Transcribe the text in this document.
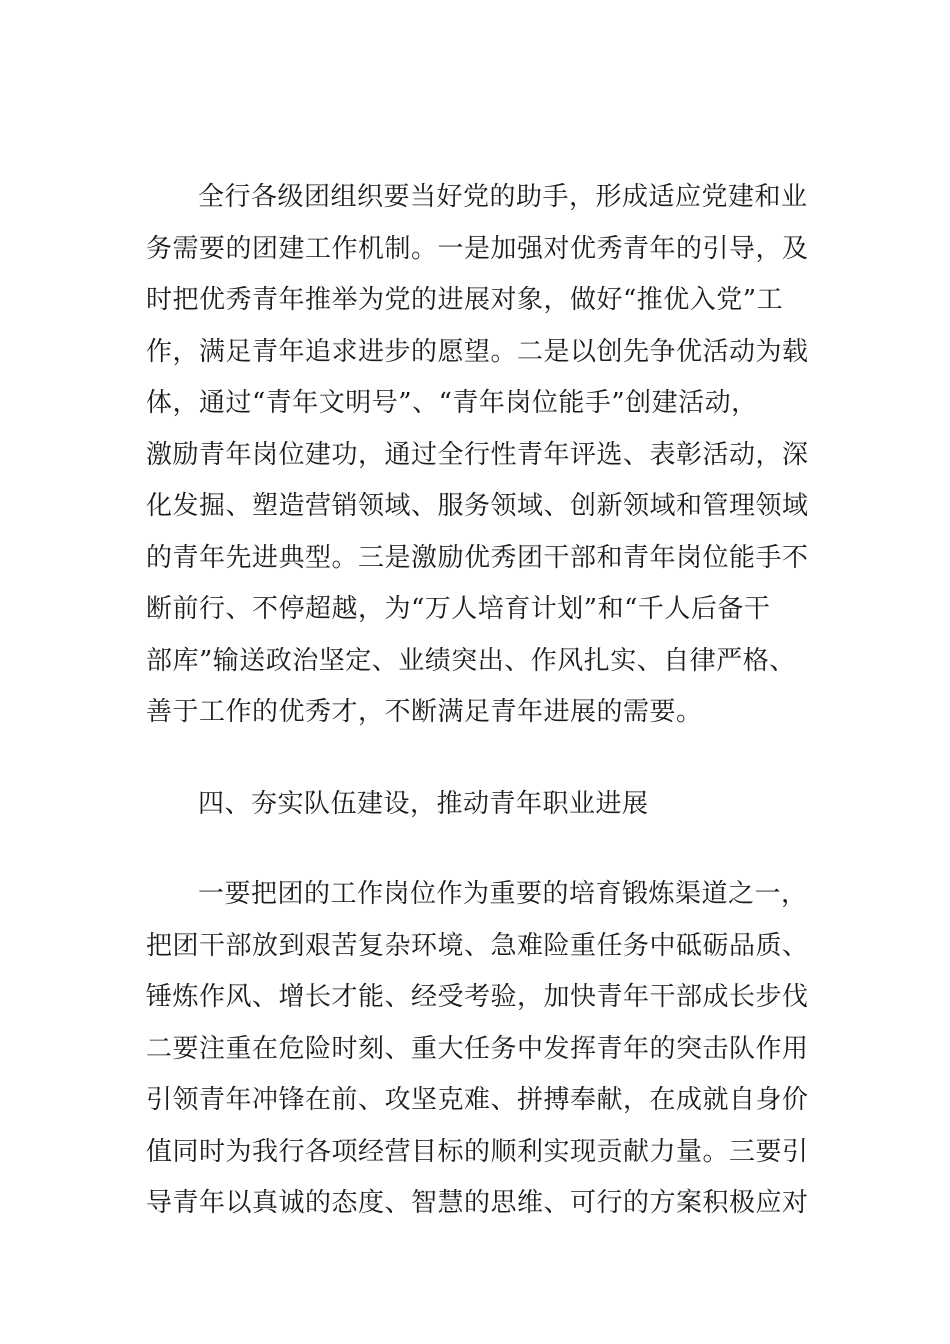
全行各级团组织要当好党的助手，形成适应党建和业
务需要的团建工作机制。一是加强对优秀青年的引导，及
时把优秀青年推举为党的进展对象，做好“推优入党”工
作，满足青年追求进步的愿望。二是以创先争优活动为载
体，通过“青年文明号”、“青年岗位能手”创建活动，
激励青年岗位建功，通过全行性青年评选、表彰活动，深
化发掘、塑造营销领域、服务领域、创新领域和管理领域
的青年先进典型。三是激励优秀团干部和青年岗位能手不
断前行、不停超越，为“万人培育计划”和“千人后备干
部库”输送政治坚定、业绩突出、作风扎实、自律严格、
善于工作的优秀才，不断满足青年进展的需要。
四、夯实队伍建设，推动青年职业进展
一要把团的工作岗位作为重要的培育锻炼渠道之一，
把团干部放到艰苦复杂环境、急难险重任务中砥砺品质、
锤炼作风、增长才能、经受考验，加快青年干部成长步伐
二要注重在危险时刻、重大任务中发挥青年的突击队作用
引领青年冲锋在前、攻坚克难、拼搏奉献，在成就自身价
值同时为我行各项经营目标的顺利实现贡献力量。三要引
导青年以真诚的态度、智慧的思维、可行的方案积极应对
